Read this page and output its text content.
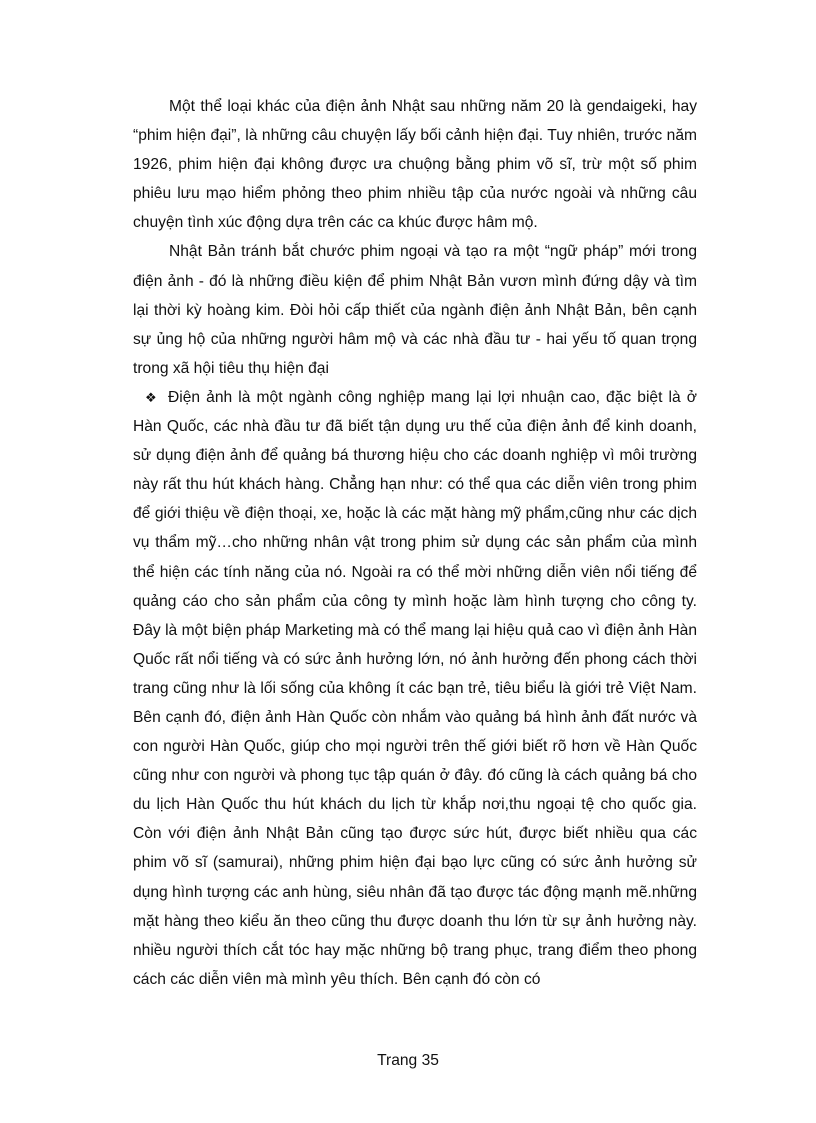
Một thể loại khác của điện ảnh Nhật sau những năm 20 là gendaigeki, hay “phim hiện đại”, là những câu chuyện lấy bối cảnh hiện đại. Tuy nhiên, trước năm 1926, phim hiện đại không được ưa chuộng bằng phim võ sĩ, trừ một số phim phiêu lưu mạo hiểm phỏng theo phim nhiều tập của nước ngoài và những câu chuyện tình xúc động dựa trên các ca khúc được hâm mộ.

Nhật Bản tránh bắt chước phim ngoại và tạo ra một “ngữ pháp” mới trong điện ảnh - đó là những điều kiện để phim Nhật Bản vươn mình đứng dậy và tìm lại thời kỳ hoàng kim. Đòi hỏi cấp thiết của ngành điện ảnh Nhật Bản, bên cạnh sự ủng hộ của những người hâm mộ và các nhà đầu tư - hai yếu tố quan trọng trong xã hội tiêu thụ hiện đại

❖ Điện ảnh là một ngành công nghiệp mang lại lợi nhuận cao, đặc biệt là ở Hàn Quốc, các nhà đầu tư đã biết tận dụng ưu thế của điện ảnh để kinh doanh, sử dụng điện ảnh để quảng bá thương hiệu cho các doanh nghiệp vì môi trường này rất thu hút khách hàng. Chẳng hạn như: có thể qua các diễn viên trong phim để giới thiệu về điện thoại, xe, hoặc là các mặt hàng mỹ phẩm,cũng như các dịch vụ thẩm mỹ…cho những nhân vật trong phim sử dụng các sản phẩm của mình thể hiện các tính năng của nó. Ngoài ra có thể mời những diễn viên nổi tiếng để quảng cáo cho sản phẩm của công ty mình hoặc làm hình tượng cho công ty. Đây là một biện pháp Marketing mà có thể mang lại hiệu quả cao vì điện ảnh Hàn Quốc rất nổi tiếng và có sức ảnh hưởng lớn, nó ảnh hưởng đến phong cách thời trang cũng như là lối sống của không ít các bạn trẻ, tiêu biểu là giới trẻ Việt Nam. Bên cạnh đó, điện ảnh Hàn Quốc còn nhắm vào quảng bá hình ảnh đất nước và con người Hàn Quốc, giúp cho mọi người trên thế giới biết rõ hơn về Hàn Quốc cũng như con người và phong tục tập quán ở đây. đó cũng là cách quảng bá cho du lịch Hàn Quốc thu hút khách du lịch từ khắp nơi,thu ngoại tệ cho quốc gia. Còn với điện ảnh Nhật Bản cũng tạo được sức hút, được biết nhiều qua các phim võ sĩ (samurai), những phim hiện đại bạo lực cũng có sức ảnh hưởng sử dụng hình tượng các anh hùng, siêu nhân đã tạo được tác động mạnh mẽ.những mặt hàng theo kiểu ăn theo cũng thu được doanh thu lớn từ sự ảnh hưởng này. nhiều người thích cắt tóc hay mặc những bộ trang phục, trang điểm theo phong cách các diễn viên mà mình yêu thích. Bên cạnh đó còn có

Trang 35
